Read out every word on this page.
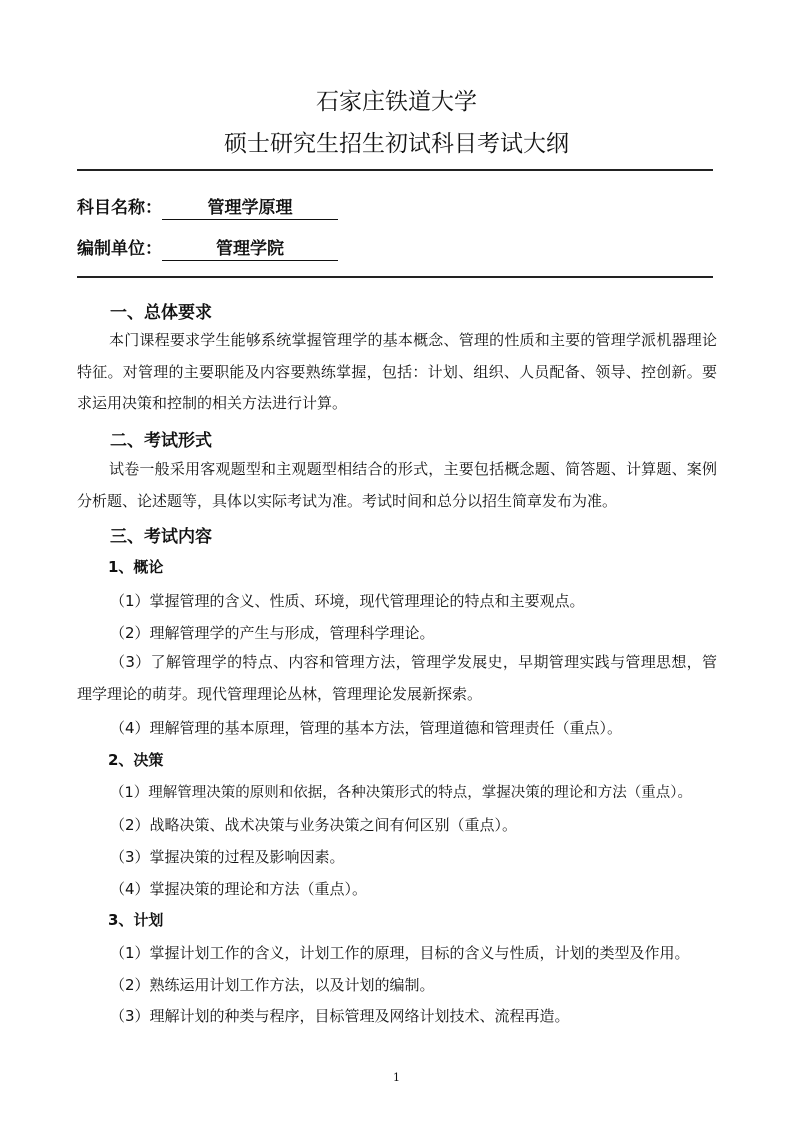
石家庄铁道大学
硕士研究生招生初试科目考试大纲
科目名称：	管理学原理
编制单位：	管理学院
一、总体要求
本门课程要求学生能够系统掌握管理学的基本概念、管理的性质和主要的管理学派机器理论特征。对管理的主要职能及内容要熟练掌握，包括：计划、组织、人员配备、领导、控创新。要求运用决策和控制的相关方法进行计算。
二、考试形式
试卷一般采用客观题型和主观题型相结合的形式，主要包括概念题、简答题、计算题、案例分析题、论述题等，具体以实际考试为准。考试时间和总分以招生简章发布为准。
三、考试内容
1、概论
（1）掌握管理的含义、性质、环境，现代管理理论的特点和主要观点。
（2）理解管理学的产生与形成，管理科学理论。
（3）了解管理学的特点、内容和管理方法，管理学发展史，早期管理实践与管理思想，管理学理论的萌芽。现代管理理论丛林，管理理论发展新探索。
（4）理解管理的基本原理，管理的基本方法，管理道德和管理责任（重点）。
2、决策
（1）理解管理决策的原则和依据，各种决策形式的特点，掌握决策的理论和方法（重点）。
（2）战略决策、战术决策与业务决策之间有何区别（重点）。
（3）掌握决策的过程及影响因素。
（4）掌握决策的理论和方法（重点）。
3、计划
（1）掌握计划工作的含义，计划工作的原理，目标的含义与性质，计划的类型及作用。
（2）熟练运用计划工作方法，以及计划的编制。
（3）理解计划的种类与程序，目标管理及网络计划技术、流程再造。
1
